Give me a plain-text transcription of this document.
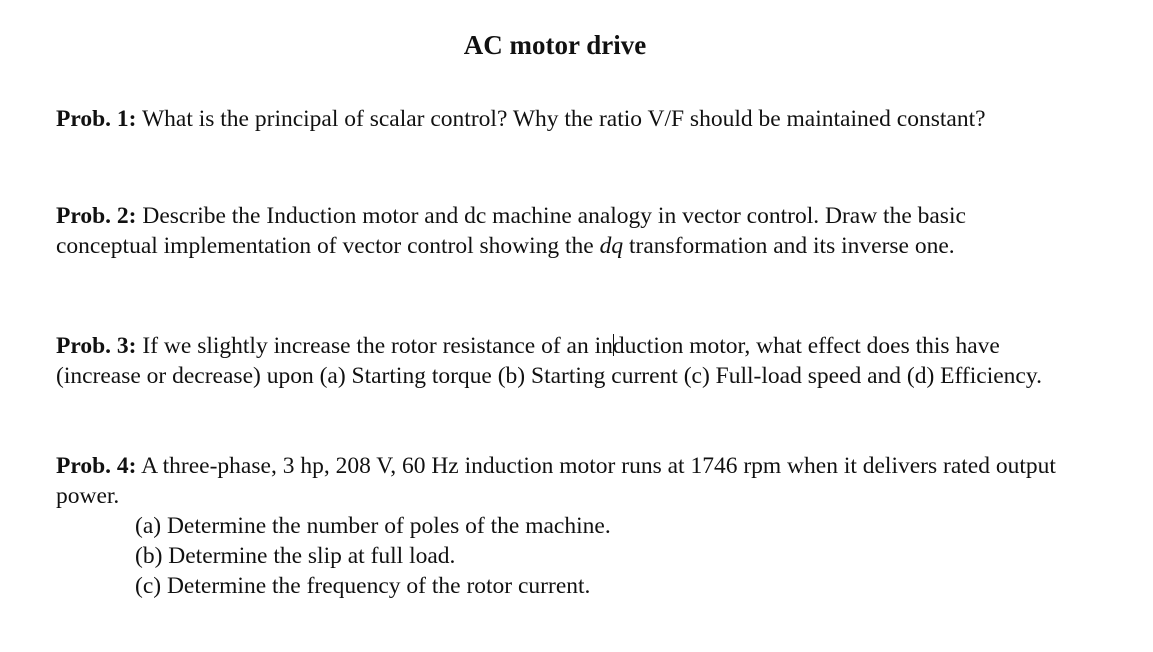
AC motor drive
Prob. 1: What is the principal of scalar control? Why the ratio V/F should be maintained constant?
Prob. 2: Describe the Induction motor and dc machine analogy in vector control. Draw the basic conceptual implementation of vector control showing the dq transformation and its inverse one.
Prob. 3: If we slightly increase the rotor resistance of an induction motor, what effect does this have (increase or decrease) upon (a) Starting torque (b) Starting current (c) Full-load speed and (d) Efficiency.
Prob. 4: A three-phase, 3 hp, 208 V, 60 Hz induction motor runs at 1746 rpm when it delivers rated output power.
(a) Determine the number of poles of the machine.
(b) Determine the slip at full load.
(c) Determine the frequency of the rotor current.
